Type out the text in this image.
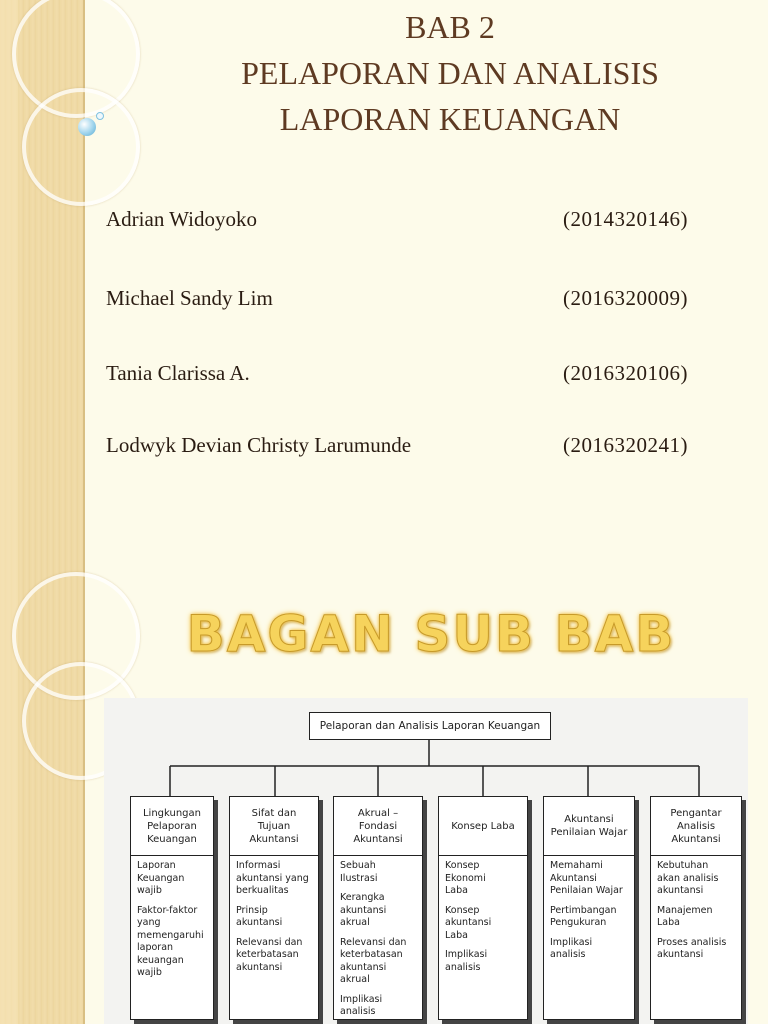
BAB 2
PELAPORAN DAN ANALISIS
LAPORAN KEUANGAN
Adrian Widoyoko	(2014320146)
Michael Sandy Lim	(2016320009)
Tania Clarissa A.	(2016320106)
Lodwyk Devian Christy Larumunde	(2016320241)
BAGAN SUB BAB
Pelaporan dan Analisis Laporan Keuangan
Lingkungan
Pelaporan
Keuangan
Laporan Keuangan
wajib
Faktor-faktor yang
memengaruhi
laporan
keuangan wajib
Sifat dan Tujuan
Akuntansi
Informasi
akuntansi yang
berkualitas
Prinsip akuntansi
Relevansi dan
keterbatasan
akuntansi
Akrual – Fondasi
Akuntansi
Sebuah Ilustrasi
Kerangka
akuntansi akrual
Relevansi dan
keterbatasan
akuntansi akrual
Implikasi analisis
Konsep Laba
Konsep Ekonomi
Laba
Konsep akuntansi
Laba
Implikasi analisis
Akuntansi
Penilaian Wajar
Memahami
Akuntansi
Penilaian Wajar
Pertimbangan
Pengukuran
Implikasi analisis
Pengantar Analisis
Akuntansi
Kebutuhan
akan analisis
akuntansi
Manajemen Laba
Proses analisis
akuntansi
